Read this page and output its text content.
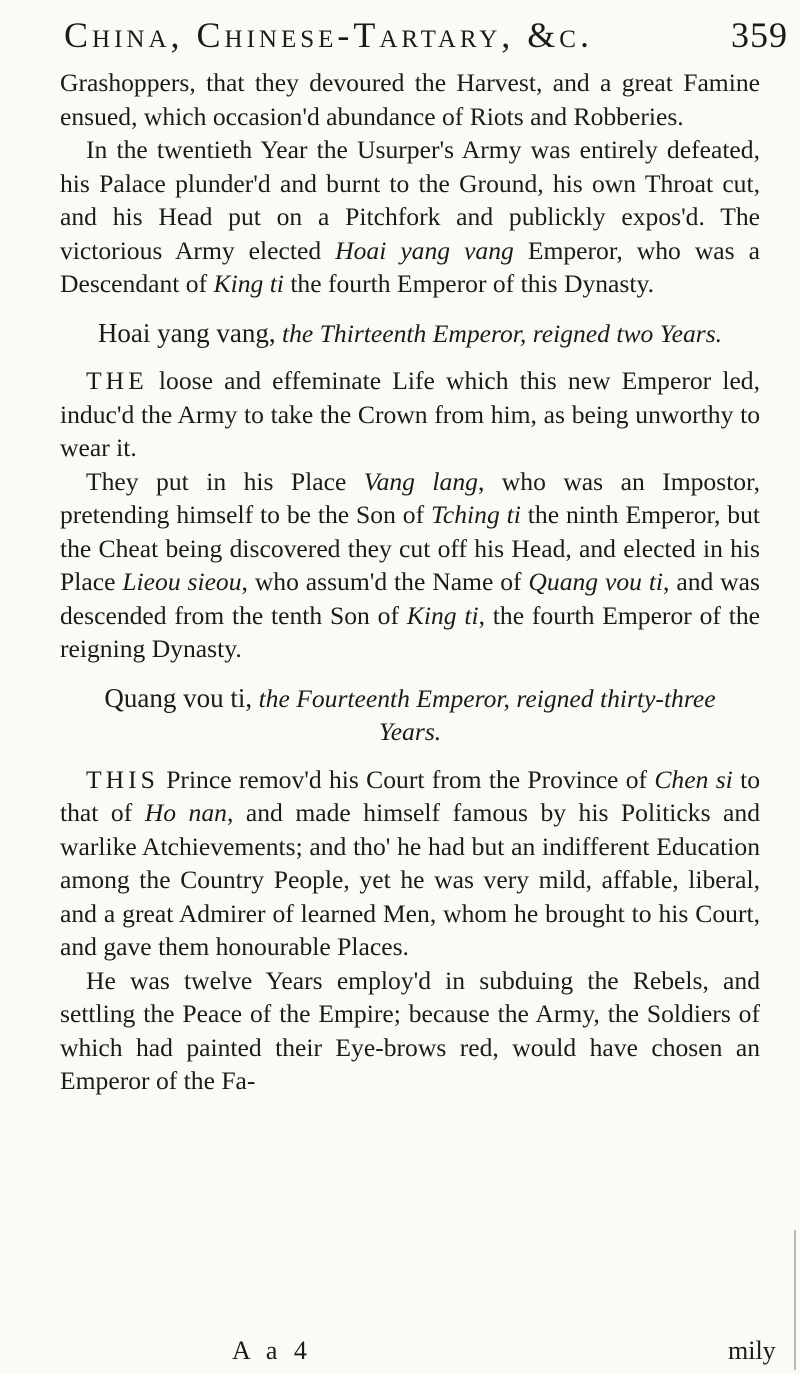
China, Chinese-Tartary, &c.	359

Grashoppers, that they devoured the Harvest, and a great Famine ensued, which occasion'd abundance of Riots and Robberies.

In the twentieth Year the Usurper's Army was entirely defeated, his Palace plunder'd and burnt to the Ground, his own Throat cut, and his Head put on a Pitchfork and publickly expos'd. The victorious Army elected Hoai yang vang Emperor, who was a Descendant of King ti the fourth Emperor of this Dynasty.

Hoai yang vang, the Thirteenth Emperor, reigned two Years.

THE loose and effeminate Life which this new Emperor led, induc'd the Army to take the Crown from him, as being unworthy to wear it.

They put in his Place Vang lang, who was an Impostor, pretending himself to be the Son of Tching ti the ninth Emperor, but the Cheat being discovered they cut off his Head, and elected in his Place Lieou sieou, who assum'd the Name of Quang vou ti, and was descended from the tenth Son of King ti, the fourth Emperor of the reigning Dynasty.

Quang vou ti, the Fourteenth Emperor, reigned thirty-three Years.

THIS Prince remov'd his Court from the Province of Chen si to that of Ho nan, and made himself famous by his Politicks and warlike Atchievements; and tho' he had but an indifferent Education among the Country People, yet he was very mild, affable, liberal, and a great Admirer of learned Men, whom he brought to his Court, and gave them honourable Places.

He was twelve Years employ'd in subduing the Rebels, and settling the Peace of the Empire; because the Army, the Soldiers of which had painted their Eye-brows red, would have chosen an Emperor of the Fa-

A a 4	mily
